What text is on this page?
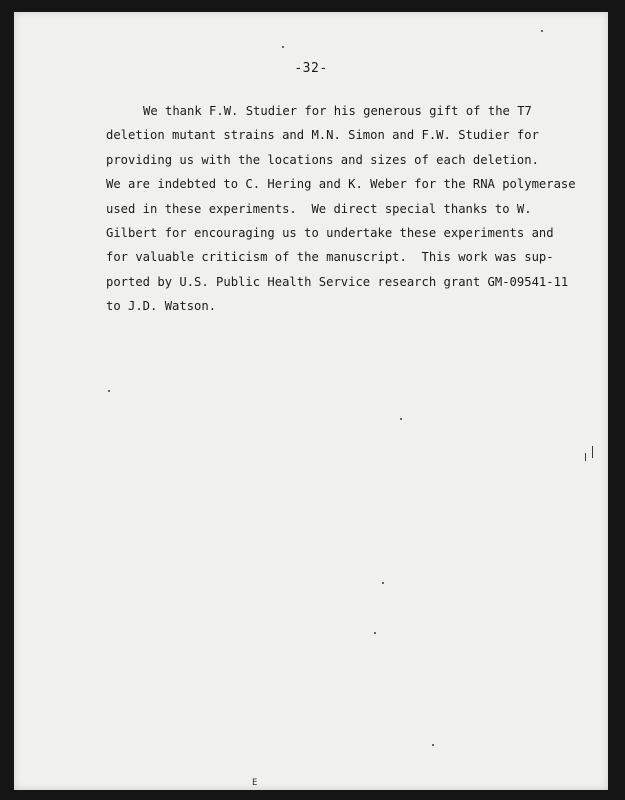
-32-
We thank F.W. Studier for his generous gift of the T7
deletion mutant strains and M.N. Simon and F.W. Studier for
providing us with the locations and sizes of each deletion.
We are indebted to C. Hering and K. Weber for the RNA polymerase
used in these experiments.  We direct special thanks to W.
Gilbert for encouraging us to undertake these experiments and
for valuable criticism of the manuscript.  This work was sup-
ported by U.S. Public Health Service research grant GM-09541-11
to J.D. Watson.
E
